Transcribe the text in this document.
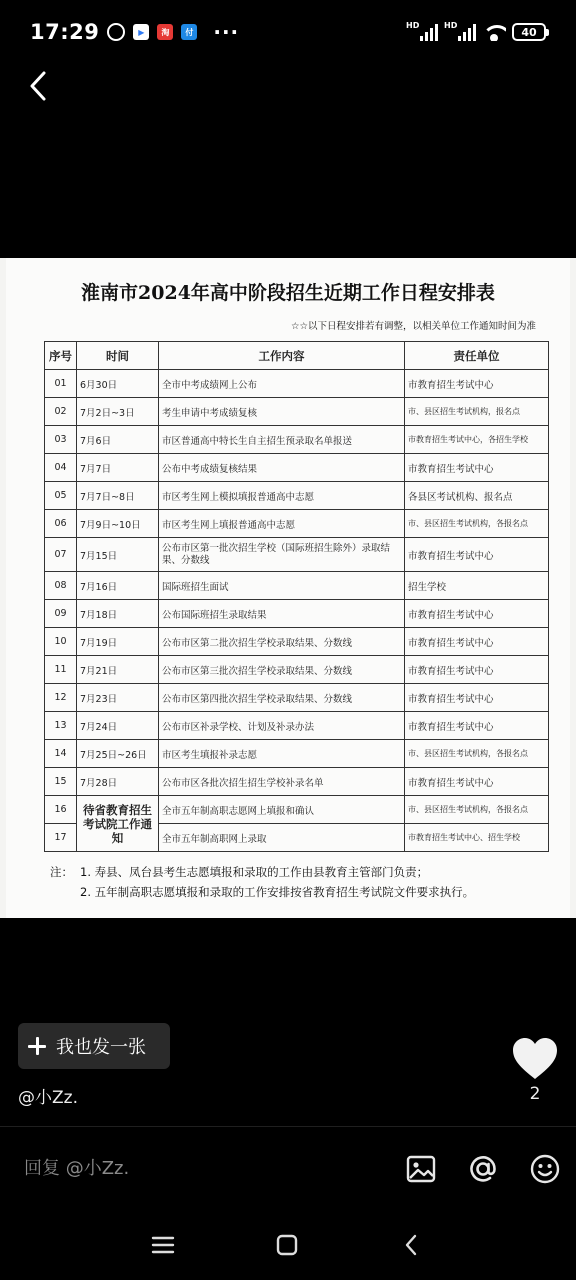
17:29	▶	淘	付 ···	HD	HD	40
淮南市2024年高中阶段招生近期工作日程安排表
☆☆以下日程安排若有调整，以相关单位工作通知时间为准
序号	时间	工作内容	责任单位
01	6月30日	全市中考成绩网上公布	市教育招生考试中心
02	7月2日~3日	考生申请中考成绩复核	市、县区招生考试机构，报名点
03	7月6日	市区普通高中特长生自主招生预录取名单报送	市教育招生考试中心，各招生学校
04	7月7日	公布中考成绩复核结果	市教育招生考试中心
05	7月7日~8日	市区考生网上模拟填报普通高中志愿	各县区考试机构、报名点
06	7月9日~10日	市区考生网上填报普通高中志愿	市、县区招生考试机构，各报名点
07	7月15日	公布市区第一批次招生学校（国际班招生除外）录取结果、分数线	市教育招生考试中心
08	7月16日	国际班招生面试	招生学校
09	7月18日	公布国际班招生录取结果	市教育招生考试中心
10	7月19日	公布市区第二批次招生学校录取结果、分数线	市教育招生考试中心
11	7月21日	公布市区第三批次招生学校录取结果、分数线	市教育招生考试中心
12	7月23日	公布市区第四批次招生学校录取结果、分数线	市教育招生考试中心
13	7月24日	公布市区补录学校、计划及补录办法	市教育招生考试中心
14	7月25日~26日	市区考生填报补录志愿	市、县区招生考试机构，各报名点
15	7月28日	公布市区各批次招生招生学校补录名单	市教育招生考试中心
16	待省教育招生考试院工作通知	全市五年制高职志愿网上填报和确认	市、县区招生考试机构，各报名点
17		全市五年制高职网上录取	市教育招生考试中心、招生学校
注： 1. 寿县、凤台县考生志愿填报和录取的工作由县教育主管部门负责；
2. 五年制高职志愿填报和录取的工作安排按省教育招生考试院文件要求执行。
我也发一张
2
@小Zz.
回复 @小Zz.
